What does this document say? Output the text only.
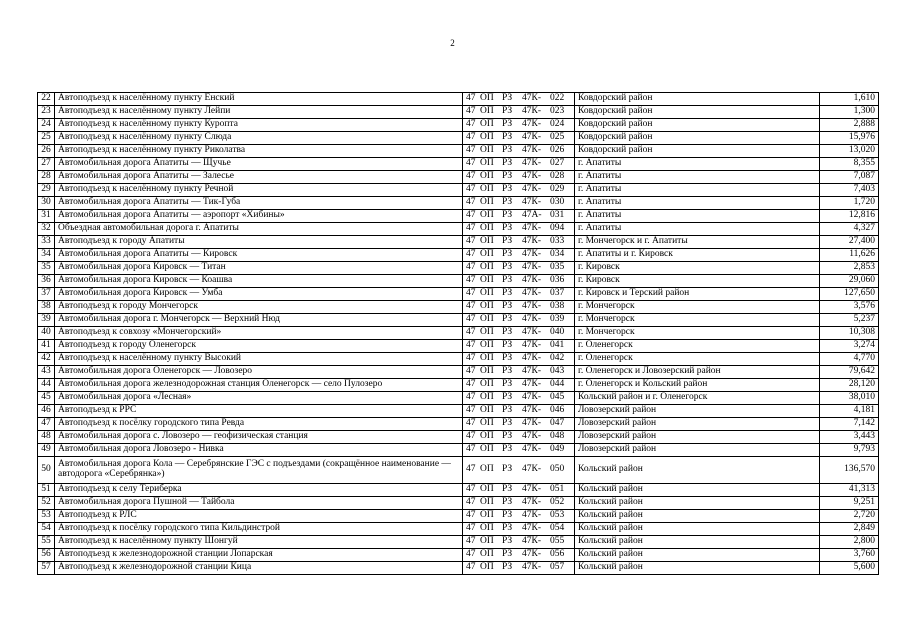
2
22	Автоподъезд к населённому пункту Ёнский	47 ОП РЗ 47К- 022	Ковдорский район	1,610
23	Автоподъезд к населённому пункту Лейпи	47 ОП РЗ 47К- 023	Ковдорский район	1,300
24	Автоподъезд к населённому пункту Куропта	47 ОП РЗ 47К- 024	Ковдорский район	2,888
25	Автоподъезд к населённому пункту Слюда	47 ОП РЗ 47К- 025	Ковдорский район	15,976
26	Автоподъезд к населённому пункту Риколатва	47 ОП РЗ 47К- 026	Ковдорский район	13,020
27	Автомобильная дорога Апатиты — Щучье	47 ОП РЗ 47К- 027	г. Апатиты	8,355
28	Автомобильная дорога Апатиты — Залесье	47 ОП РЗ 47К- 028	г. Апатиты	7,087
29	Автоподъезд к населённому пункту Речной	47 ОП РЗ 47К- 029	г. Апатиты	7,403
30	Автомобильная дорога Апатиты — Тик-Губа	47 ОП РЗ 47К- 030	г. Апатиты	1,720
31	Автомобильная дорога Апатиты — аэропорт «Хибины»	47 ОП РЗ 47А- 031	г. Апатиты	12,816
32	Объездная автомобильная дорога г. Апатиты	47 ОП РЗ 47К- 094	г. Апатиты	4,327
33	Автоподъезд к городу Апатиты	47 ОП РЗ 47К- 033	г. Мончегорск и г. Апатиты	27,400
34	Автомобильная дорога Апатиты — Кировск	47 ОП РЗ 47К- 034	г. Апатиты и г. Кировск	11,626
35	Автомобильная дорога Кировск — Титан	47 ОП РЗ 47К- 035	г. Кировск	2,853
36	Автомобильная дорога Кировск — Коашва	47 ОП РЗ 47К- 036	г. Кировск	29,060
37	Автомобильная дорога Кировск — Умба	47 ОП РЗ 47К- 037	г. Кировск и Терский район	127,650
38	Автоподъезд к городу Мончегорск	47 ОП РЗ 47К- 038	г. Мончегорск	3,576
39	Автомобильная дорога г. Мончегорск — Верхний Нюд	47 ОП РЗ 47К- 039	г. Мончегорск	5,237
40	Автоподъезд к совхозу «Мончегорский»	47 ОП РЗ 47К- 040	г. Мончегорск	10,308
41	Автоподъезд к городу Оленегорск	47 ОП РЗ 47К- 041	г. Оленегорск	3,274
42	Автоподъезд к населённому пункту Высокий	47 ОП РЗ 47К- 042	г. Оленегорск	4,770
43	Автомобильная дорога Оленегорск — Ловозеро	47 ОП РЗ 47К- 043	г. Оленегорск и Ловозерский район	79,642
44	Автомобильная дорога железнодорожная станция Оленегорск — село Пулозеро	47 ОП РЗ 47К- 044	г. Оленегорск и Кольский район	28,120
45	Автомобильная дорога «Лесная»	47 ОП РЗ 47К- 045	Кольский район и г. Оленегорск	38,010
46	Автоподъезд к РРС	47 ОП РЗ 47К- 046	Ловозерский район	4,181
47	Автоподъезд к посёлку городского типа Ревда	47 ОП РЗ 47К- 047	Ловозерский район	7,142
48	Автомобильная дорога с. Ловозеро — геофизическая станция	47 ОП РЗ 47К- 048	Ловозерский район	3,443
49	Автомобильная дорога Ловозеро - Нивка	47 ОП РЗ 47К- 049	Ловозерский район	9,793
50	Автомобильная дорога Кола — Серебрянские ГЭС с подъездами (сокращённое наименование — автодорога «Серебрянка»)	47 ОП РЗ 47К- 050	Кольский район	136,570
51	Автоподъезд к селу Териберка	47 ОП РЗ 47К- 051	Кольский район	41,313
52	Автомобильная дорога Пушной — Тайбола	47 ОП РЗ 47К- 052	Кольский район	9,251
53	Автоподъезд к РЛС	47 ОП РЗ 47К- 053	Кольский район	2,720
54	Автоподъезд к посёлку городского типа Кильдинстрой	47 ОП РЗ 47К- 054	Кольский район	2,849
55	Автоподъезд к населённому пункту Шонгуй	47 ОП РЗ 47К- 055	Кольский район	2,800
56	Автоподъезд к железнодорожной станции Лопарская	47 ОП РЗ 47К- 056	Кольский район	3,760
57	Автоподъезд к железнодорожной станции Кица	47 ОП РЗ 47К- 057	Кольский район	5,600
